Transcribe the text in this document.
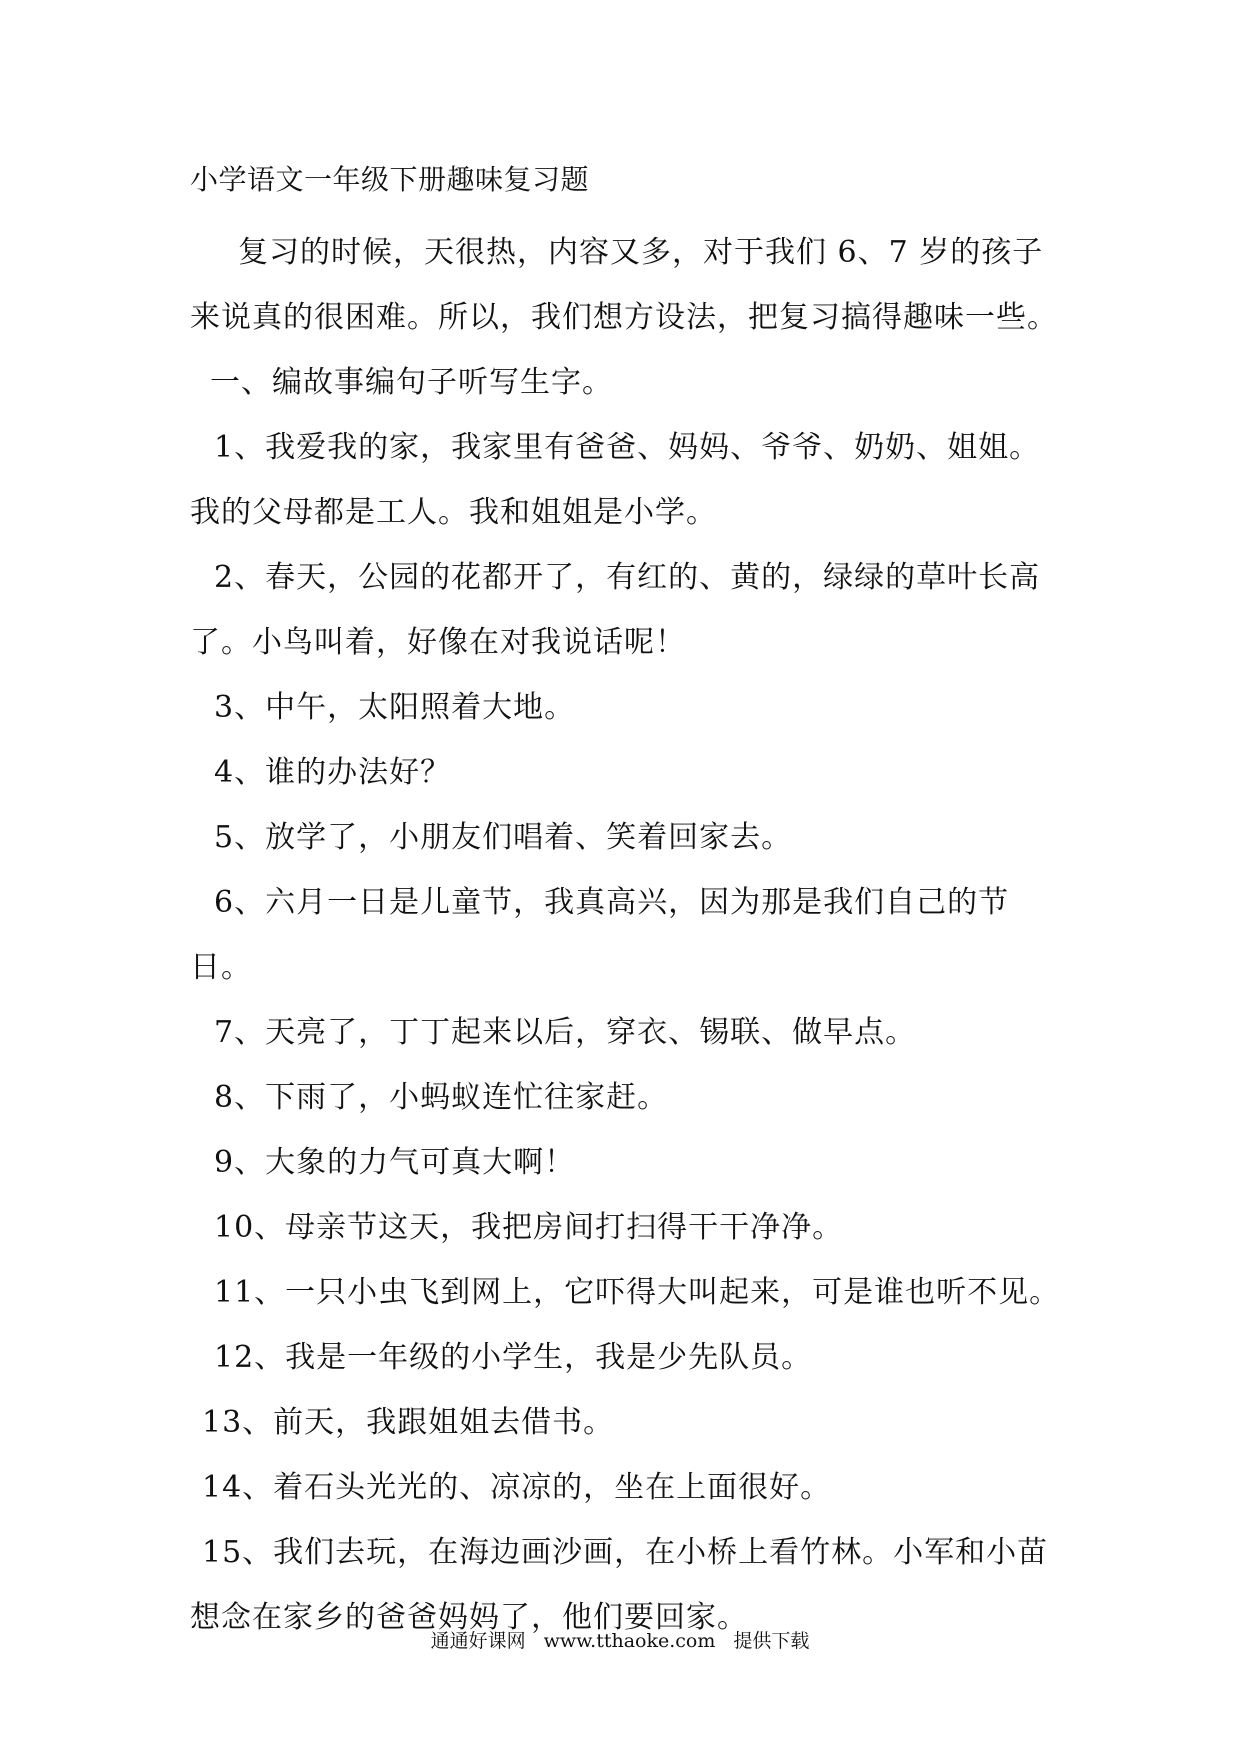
小学语文一年级下册趣味复习题

复习的时候，天很热，内容又多，对于我们 6、7 岁的孩子来说真的很困难。所以，我们想方设法，把复习搞得趣味一些。

一、编故事编句子听写生字。

1、我爱我的家，我家里有爸爸、妈妈、爷爷、奶奶、姐姐。我的父母都是工人。我和姐姐是小学。

2、春天，公园的花都开了，有红的、黄的，绿绿的草叶长高了。小鸟叫着，好像在对我说话呢！

3、中午，太阳照着大地。

4、谁的办法好？

5、放学了，小朋友们唱着、笑着回家去。

6、六月一日是儿童节，我真高兴，因为那是我们自己的节日。

7、天亮了，丁丁起来以后，穿衣、锡联、做早点。

8、下雨了，小蚂蚁连忙往家赶。

9、大象的力气可真大啊！

10、母亲节这天，我把房间打扫得干干净净。

11、一只小虫飞到网上，它吓得大叫起来，可是谁也听不见。

12、我是一年级的小学生，我是少先队员。

13、前天，我跟姐姐去借书。

14、着石头光光的、凉凉的，坐在上面很好。

15、我们去玩，在海边画沙画，在小桥上看竹林。小军和小苗想念在家乡的爸爸妈妈了，他们要回家。

通通好课网 www.tthaoke.com 提供下载
